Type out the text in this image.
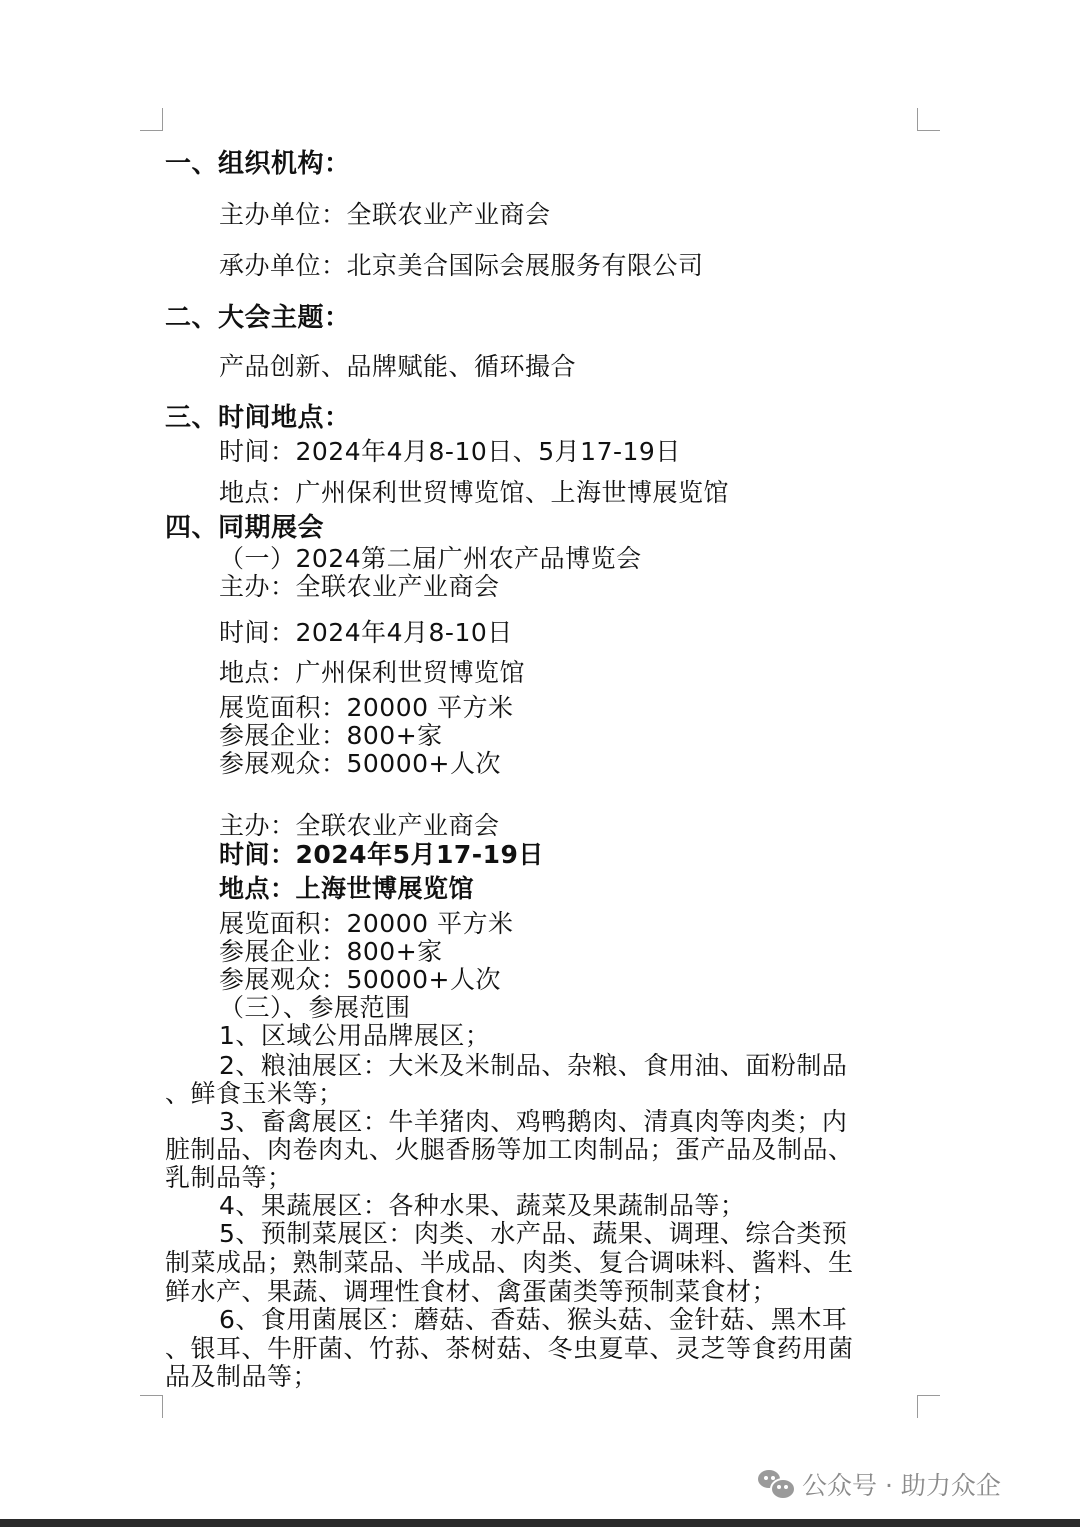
一、组织机构：
主办单位：全联农业产业商会
承办单位：北京美合国际会展服务有限公司
二、大会主题：
产品创新、品牌赋能、循环撮合
三、时间地点：
时间：2024年4月8-10日、5月17-19日
地点：广州保利世贸博览馆、上海世博展览馆
四、同期展会
（一）2024第二届广州农产品博览会
主办：全联农业产业商会
时间：2024年4月8-10日
地点：广州保利世贸博览馆
展览面积：20000 平方米
参展企业：800+家
参展观众：50000+人次
主办：全联农业产业商会
时间：2024年5月17-19日
地点：上海世博展览馆
展览面积：20000 平方米
参展企业：800+家
参展观众：50000+人次
（三）、参展范围
1、区域公用品牌展区；
2、粮油展区：大米及米制品、杂粮、食用油、面粉制品
、鲜食玉米等；
3、畜禽展区：牛羊猪肉、鸡鸭鹅肉、清真肉等肉类；内
脏制品、肉卷肉丸、火腿香肠等加工肉制品；蛋产品及制品、
乳制品等；
4、果蔬展区：各种水果、蔬菜及果蔬制品等；
5、预制菜展区：肉类、水产品、蔬果、调理、综合类预
制菜成品；熟制菜品、半成品、肉类、复合调味料、酱料、生
鲜水产、果蔬、调理性食材、禽蛋菌类等预制菜食材；
6、食用菌展区：蘑菇、香菇、猴头菇、金针菇、黑木耳
、银耳、牛肝菌、竹荪、茶树菇、冬虫夏草、灵芝等食药用菌
品及制品等；
公众号 · 助力众企
